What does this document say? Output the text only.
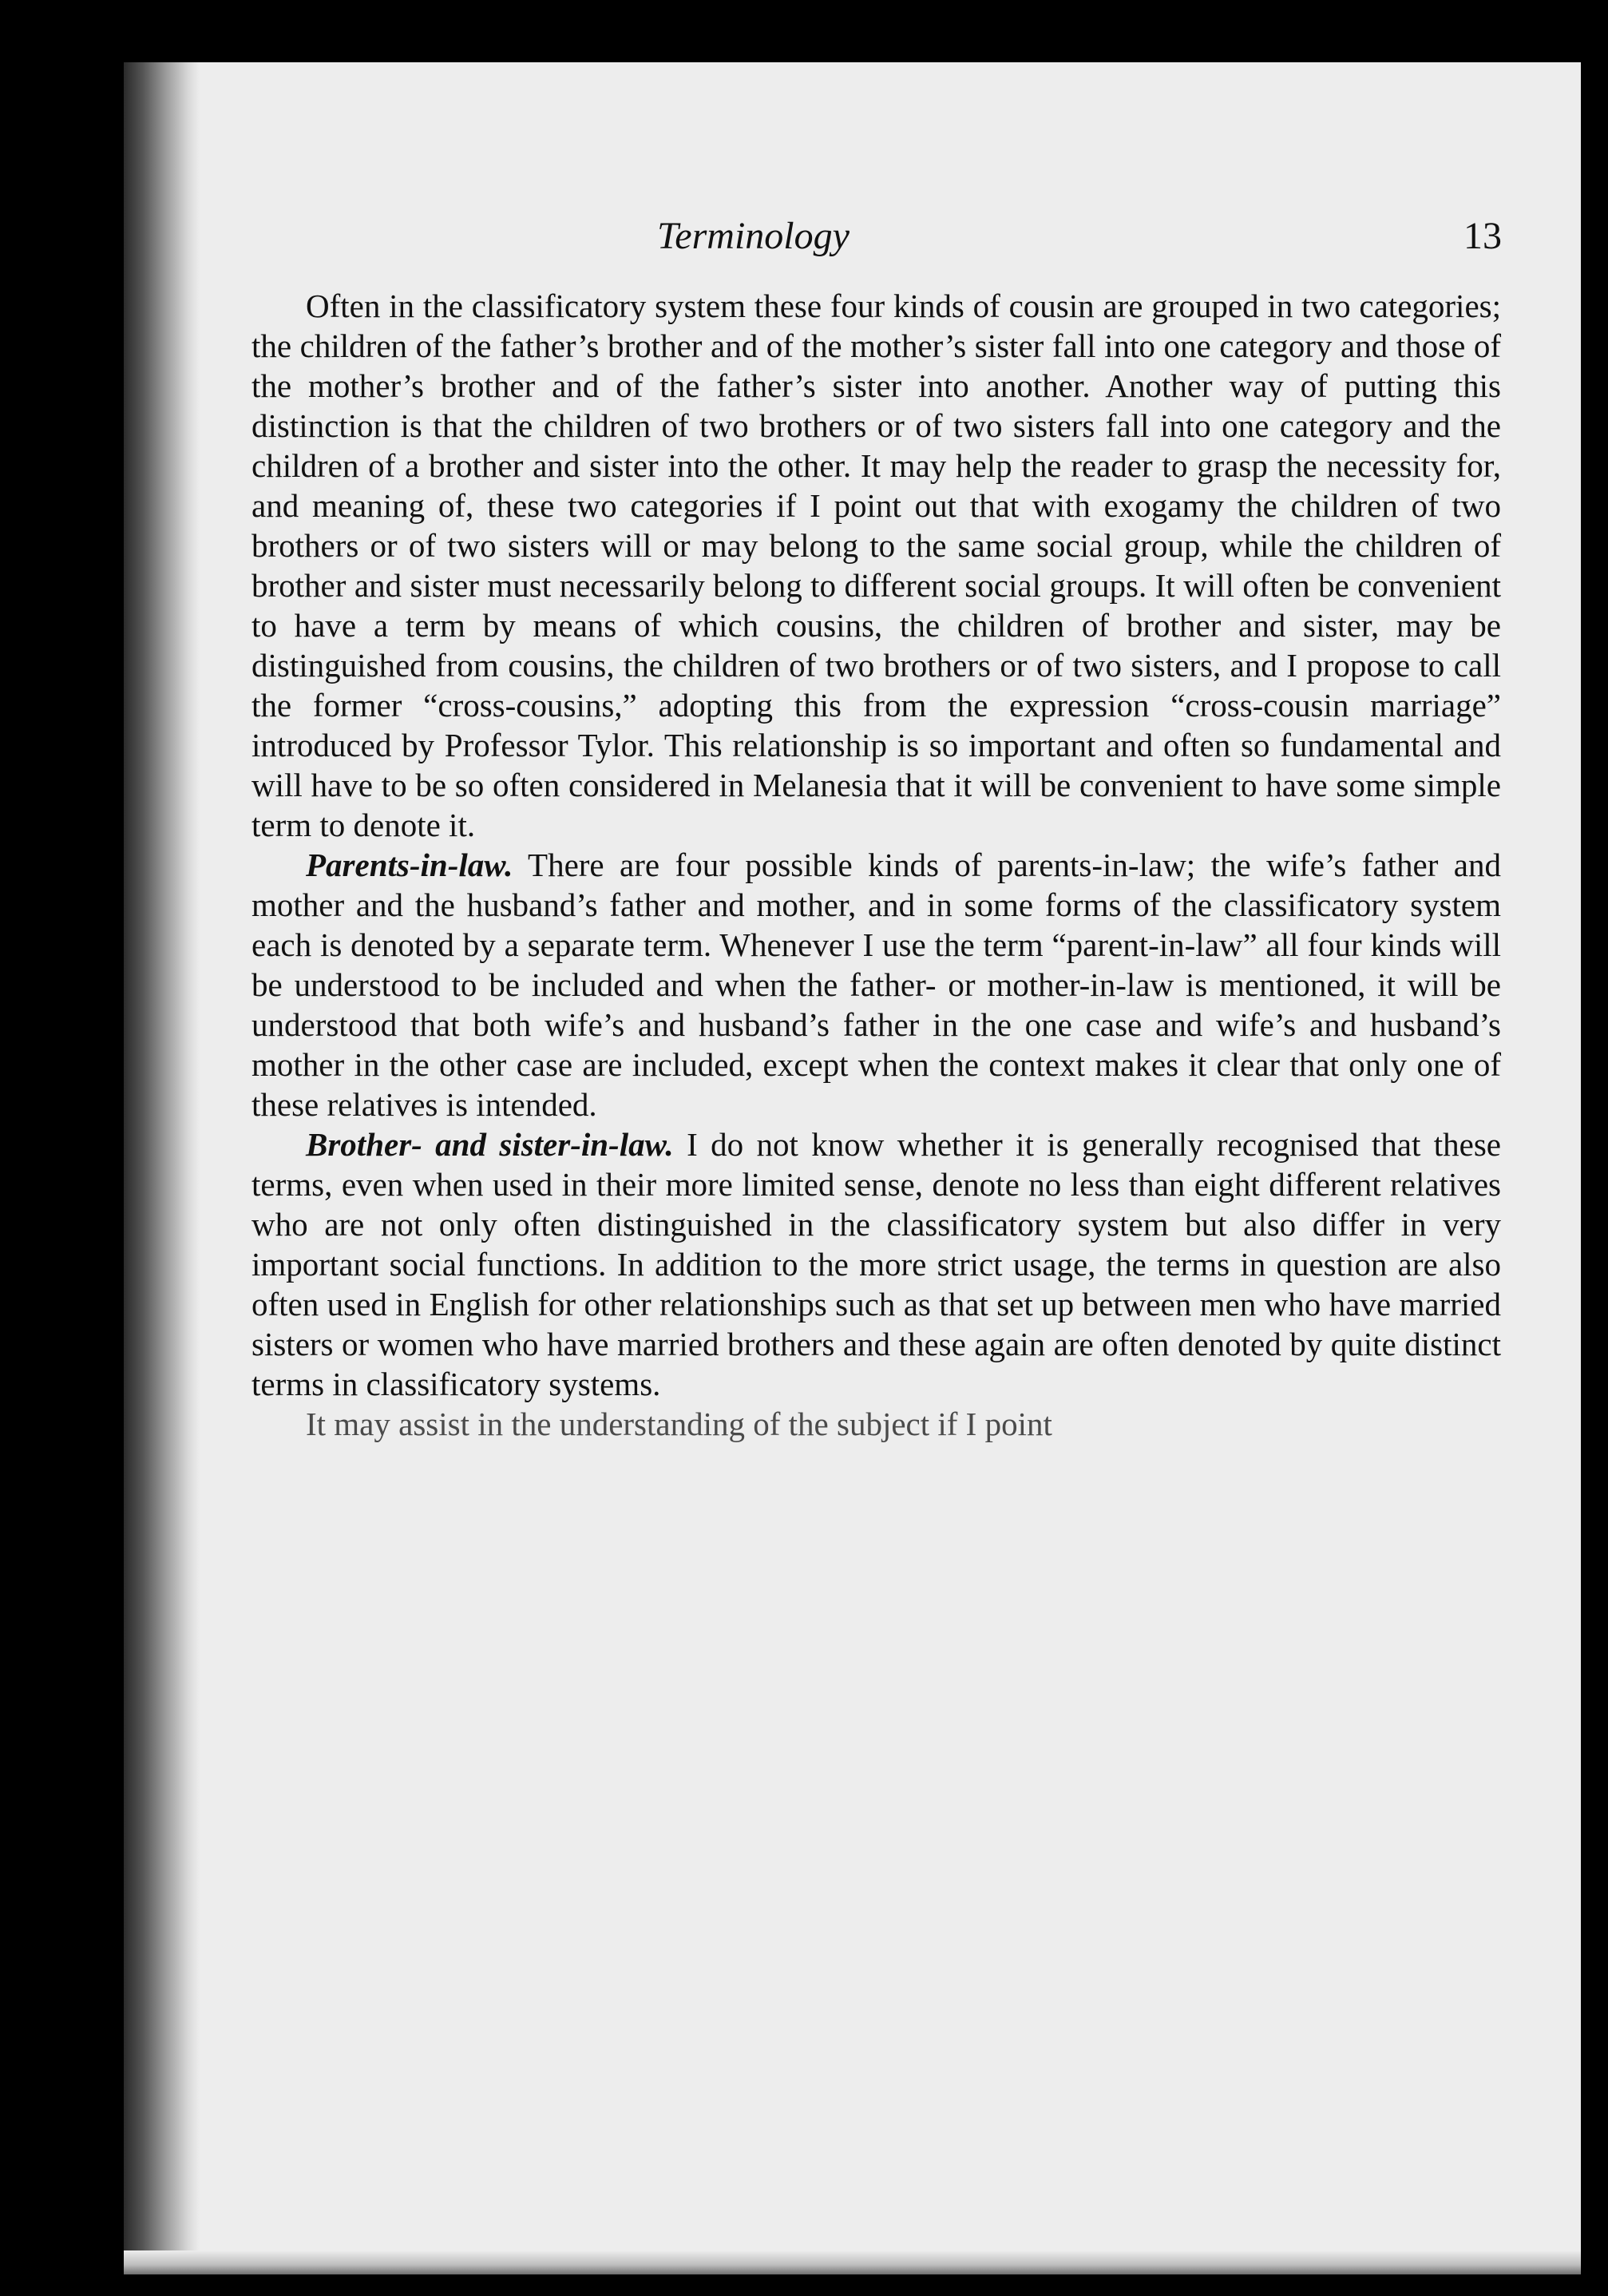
Terminology	13

Often in the classificatory system these four kinds of cousin are grouped in two categories; the children of the father’s brother and of the mother’s sister fall into one category and those of the mother’s brother and of the father’s sister into another. Another way of putting this distinction is that the children of two brothers or of two sisters fall into one category and the children of a brother and sister into the other. It may help the reader to grasp the necessity for, and meaning of, these two categories if I point out that with exogamy the children of two brothers or of two sisters will or may belong to the same social group, while the children of brother and sister must necessarily belong to different social groups. It will often be convenient to have a term by means of which cousins, the children of brother and sister, may be distinguished from cousins, the children of two brothers or of two sisters, and I propose to call the former “cross-cousins,” adopting this from the expression “cross-cousin marriage” introduced by Professor Tylor. This relationship is so important and often so fundamental and will have to be so often considered in Melanesia that it will be convenient to have some simple term to denote it.

Parents-in-law. There are four possible kinds of parents-in-law; the wife’s father and mother and the husband’s father and mother, and in some forms of the classificatory system each is denoted by a separate term. Whenever I use the term “parent-in-law” all four kinds will be understood to be included and when the father- or mother-in-law is mentioned, it will be understood that both wife’s and husband’s father in the one case and wife’s and husband’s mother in the other case are included, except when the context makes it clear that only one of these relatives is intended.

Brother- and sister-in-law. I do not know whether it is generally recognised that these terms, even when used in their more limited sense, denote no less than eight different relatives who are not only often distinguished in the classificatory system but also differ in very important social functions. In addition to the more strict usage, the terms in question are also often used in English for other relationships such as that set up between men who have married sisters or women who have married brothers and these again are often denoted by quite distinct terms in classificatory systems.

It may assist in the understanding of the subject if I point
